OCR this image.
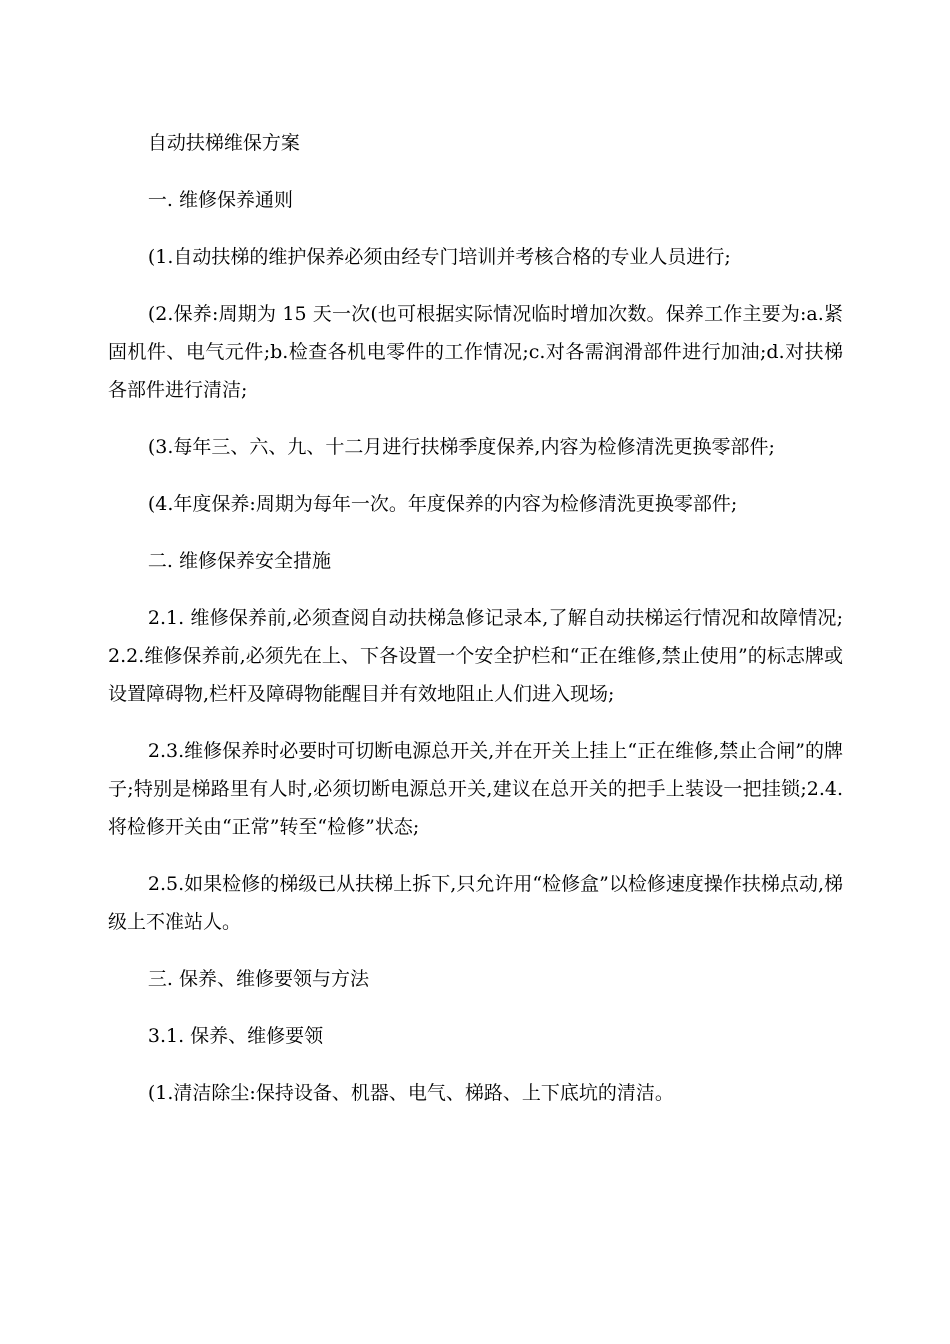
自动扶梯维保方案

一. 维修保养通则

(1.自动扶梯的维护保养必须由经专门培训并考核合格的专业人员进行;

(2.保养:周期为 15 天一次(也可根据实际情况临时增加次数。保养工作主要为:a.紧固机件、电气元件;b.检查各机电零件的工作情况;c.对各需润滑部件进行加油;d.对扶梯各部件进行清洁;

(3.每年三、六、九、十二月进行扶梯季度保养,内容为检修清洗更换零部件;

(4.年度保养:周期为每年一次。年度保养的内容为检修清洗更换零部件;

二. 维修保养安全措施

2.1. 维修保养前,必须查阅自动扶梯急修记录本,了解自动扶梯运行情况和故障情况;2.2.维修保养前,必须先在上、下各设置一个安全护栏和“正在维修,禁止使用”的标志牌或设置障碍物,栏杆及障碍物能醒目并有效地阻止人们进入现场;

2.3.维修保养时必要时可切断电源总开关,并在开关上挂上“正在维修,禁止合闸”的牌子;特别是梯路里有人时,必须切断电源总开关,建议在总开关的把手上装设一把挂锁;2.4.将检修开关由“正常”转至“检修”状态;

2.5.如果检修的梯级已从扶梯上拆下,只允许用“检修盒”以检修速度操作扶梯点动,梯级上不准站人。

三. 保养、维修要领与方法

3.1. 保养、维修要领

(1.清洁除尘:保持设备、机器、电气、梯路、上下底坑的清洁。
